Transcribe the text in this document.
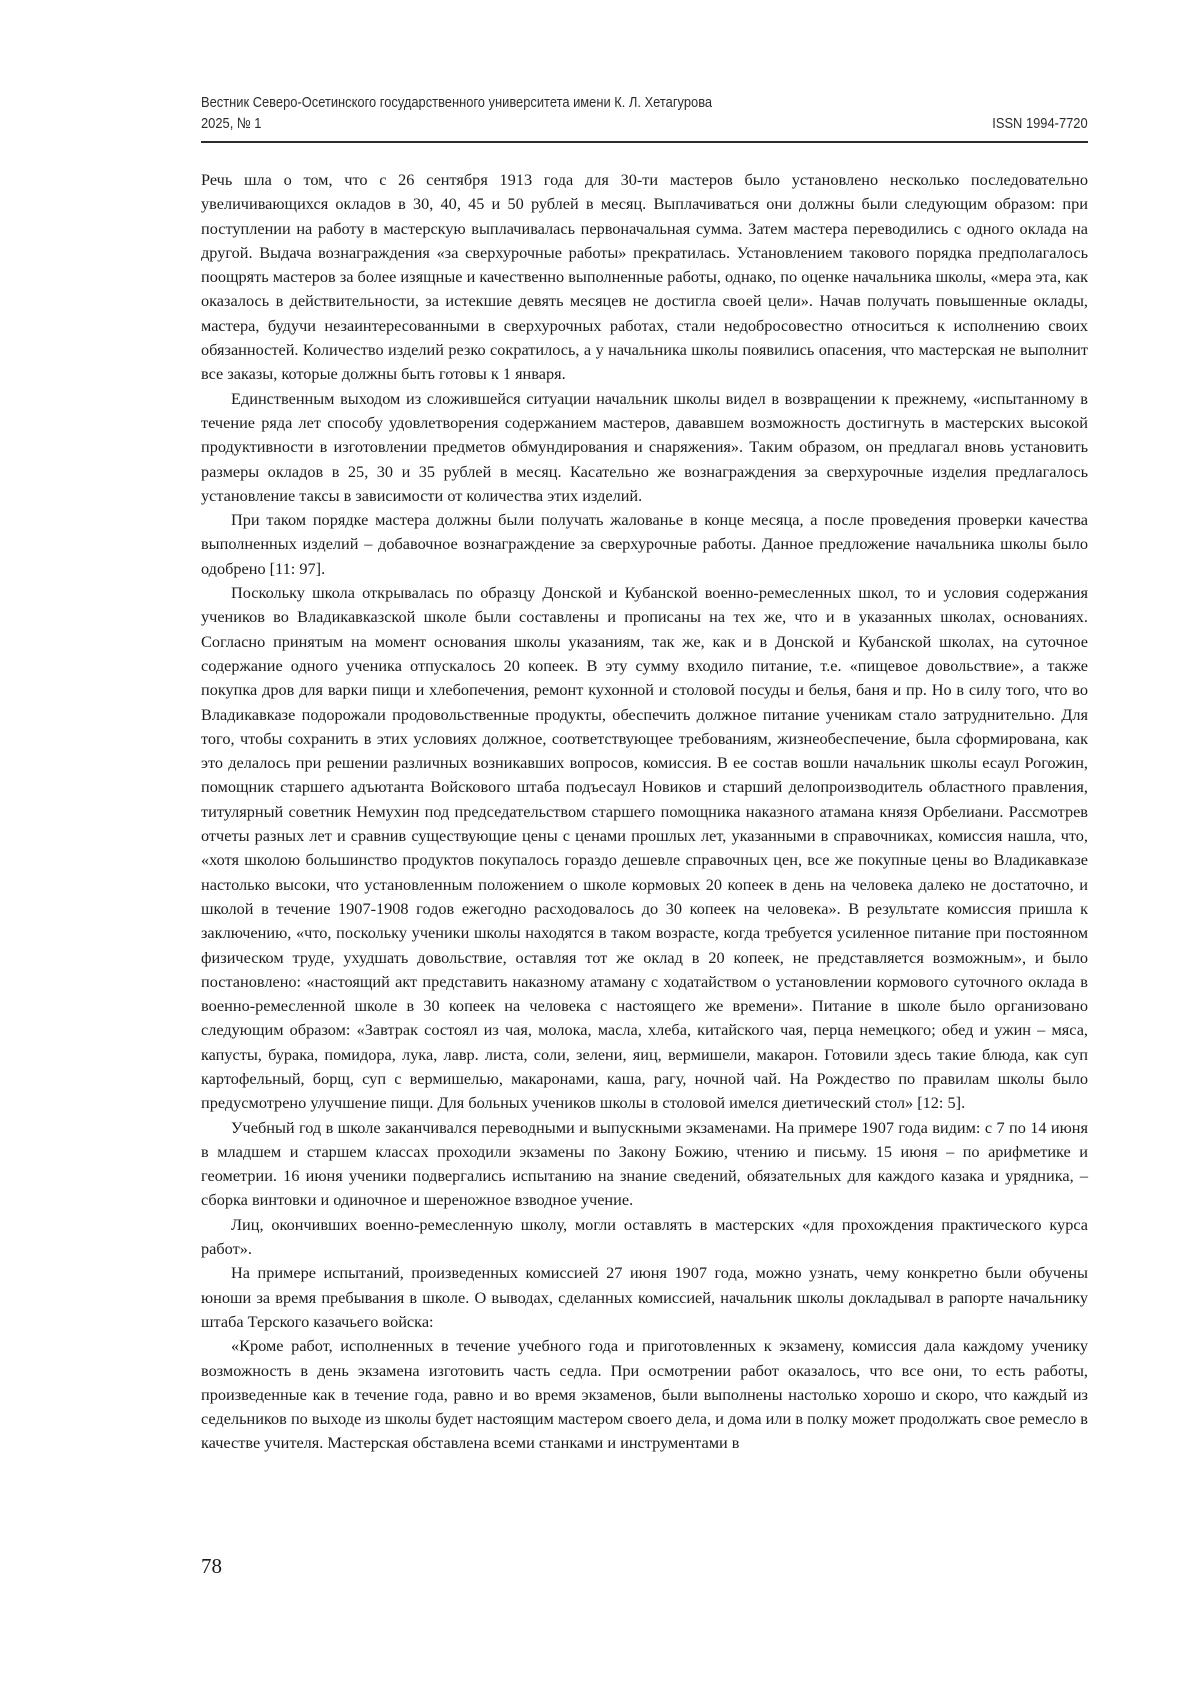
Вестник Северо-Осетинского государственного университета имени К. Л. Хетагурова
2025, № 1	ISSN 1994-7720

Речь шла о том, что с 26 сентября 1913 года для 30-ти мастеров было установлено несколько последовательно увеличивающихся окладов в 30, 40, 45 и 50 рублей в месяц. Выплачиваться они должны были следующим образом: при поступлении на работу в мастерскую выплачивалась первоначальная сумма. Затем мастера переводились с одного оклада на другой. Выдача вознаграждения «за сверхурочные работы» прекратилась. Установлением такового порядка предполагалось поощрять мастеров за более изящные и качественно выполненные работы, однако, по оценке начальника школы, «мера эта, как оказалось в действительности, за истекшие девять месяцев не достигла своей цели». Начав получать повышенные оклады, мастера, будучи незаинтересованными в сверхурочных работах, стали недобросовестно относиться к исполнению своих обязанностей. Количество изделий резко сократилось, а у начальника школы появились опасения, что мастерская не выполнит все заказы, которые должны быть готовы к 1 января.

Единственным выходом из сложившейся ситуации начальник школы видел в возвращении к прежнему, «испытанному в течение ряда лет способу удовлетворения содержанием мастеров, дававшем возможность достигнуть в мастерских высокой продуктивности в изготовлении предметов обмундирования и снаряжения». Таким образом, он предлагал вновь установить размеры окладов в 25, 30 и 35 рублей в месяц. Касательно же вознаграждения за сверхурочные изделия предлагалось установление таксы в зависимости от количества этих изделий.

При таком порядке мастера должны были получать жалованье в конце месяца, а после проведения проверки качества выполненных изделий – добавочное вознаграждение за сверхурочные работы. Данное предложение начальника школы было одобрено [11: 97].

Поскольку школа открывалась по образцу Донской и Кубанской военно-ремесленных школ, то и условия содержания учеников во Владикавказской школе были составлены и прописаны на тех же, что и в указанных школах, основаниях. Согласно принятым на момент основания школы указаниям, так же, как и в Донской и Кубанской школах, на суточное содержание одного ученика отпускалось 20 копеек. В эту сумму входило питание, т.е. «пищевое довольствие», а также покупка дров для варки пищи и хлебопечения, ремонт кухонной и столовой посуды и белья, баня и пр. Но в силу того, что во Владикавказе подорожали продовольственные продукты, обеспечить должное питание ученикам стало затруднительно. Для того, чтобы сохранить в этих условиях должное, соответствующее требованиям, жизнеобеспечение, была сформирована, как это делалось при решении различных возникавших вопросов, комиссия. В ее состав вошли начальник школы есаул Рогожин, помощник старшего адъютанта Войскового штаба подъесаул Новиков и старший делопроизводитель областного правления, титулярный советник Немухин под председательством старшего помощника наказного атамана князя Орбелиани. Рассмотрев отчеты разных лет и сравнив существующие цены с ценами прошлых лет, указанными в справочниках, комиссия нашла, что, «хотя школою большинство продуктов покупалось гораздо дешевле справочных цен, все же покупные цены во Владикавказе настолько высоки, что установленным положением о школе кормовых 20 копеек в день на человека далеко не достаточно, и школой в течение 1907-1908 годов ежегодно расходовалось до 30 копеек на человека». В результате комиссия пришла к заключению, «что, поскольку ученики школы находятся в таком возрасте, когда требуется усиленное питание при постоянном физическом труде, ухудшать довольствие, оставляя тот же оклад в 20 копеек, не представляется возможным», и было постановлено: «настоящий акт представить наказному атаману с ходатайством о установлении кормового суточного оклада в военно-ремесленной школе в 30 копеек на человека с настоящего же времени». Питание в школе было организовано следующим образом: «Завтрак состоял из чая, молока, масла, хлеба, китайского чая, перца немецкого; обед и ужин – мяса, капусты, бурака, помидора, лука, лавр. листа, соли, зелени, яиц, вермишели, макарон. Готовили здесь такие блюда, как суп картофельный, борщ, суп с вермишелью, макаронами, каша, рагу, ночной чай. На Рождество по правилам школы было предусмотрено улучшение пищи. Для больных учеников школы в столовой имелся диетический стол» [12: 5].

Учебный год в школе заканчивался переводными и выпускными экзаменами. На примере 1907 года видим: с 7 по 14 июня в младшем и старшем классах проходили экзамены по Закону Божию, чтению и письму. 15 июня – по арифметике и геометрии. 16 июня ученики подвергались испытанию на знание сведений, обязательных для каждого казака и урядника, – сборка винтовки и одиночное и шереножное взводное учение.

Лиц, окончивших военно-ремесленную школу, могли оставлять в мастерских «для прохождения практического курса работ».

На примере испытаний, произведенных комиссией 27 июня 1907 года, можно узнать, чему конкретно были обучены юноши за время пребывания в школе. О выводах, сделанных комиссией, начальник школы докладывал в рапорте начальнику штаба Терского казачьего войска:

«Кроме работ, исполненных в течение учебного года и приготовленных к экзамену, комиссия дала каждому ученику возможность в день экзамена изготовить часть седла. При осмотрении работ оказалось, что все они, то есть работы, произведенные как в течение года, равно и во время экзаменов, были выполнены настолько хорошо и скоро, что каждый из седельников по выходе из школы будет настоящим мастером своего дела, и дома или в полку может продолжать свое ремесло в качестве учителя. Мастерская обставлена всеми станками и инструментами в

78
